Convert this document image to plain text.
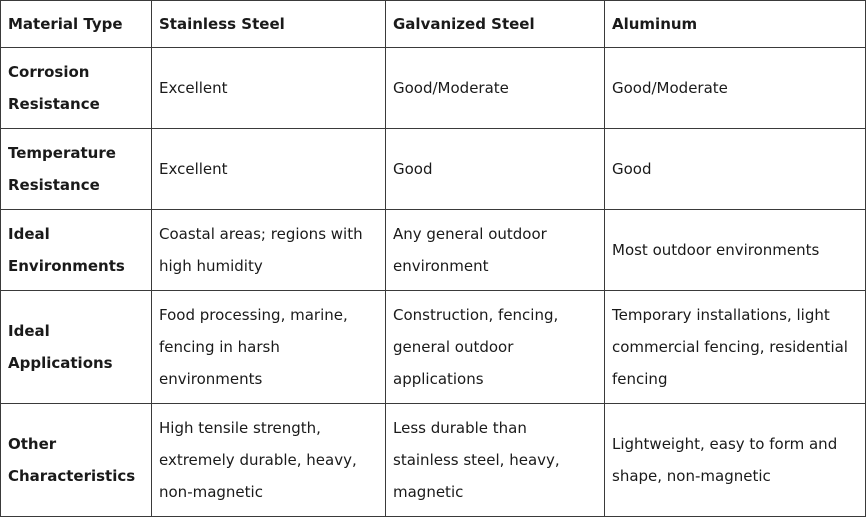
Material Type	Stainless Steel	Galvanized Steel	Aluminum
Corrosion Resistance	Excellent	Good/Moderate	Good/Moderate
Temperature Resistance	Excellent	Good	Good
Ideal Environments	Coastal areas; regions with high humidity	Any general outdoor environment	Most outdoor environments
Ideal Applications	Food processing, marine, fencing in harsh environments	Construction, fencing, general outdoor applications	Temporary installations, light commercial fencing, residential fencing
Other Characteristics	High tensile strength, extremely durable, heavy, non-magnetic	Less durable than stainless steel, heavy, magnetic	Lightweight, easy to form and shape, non-magnetic
